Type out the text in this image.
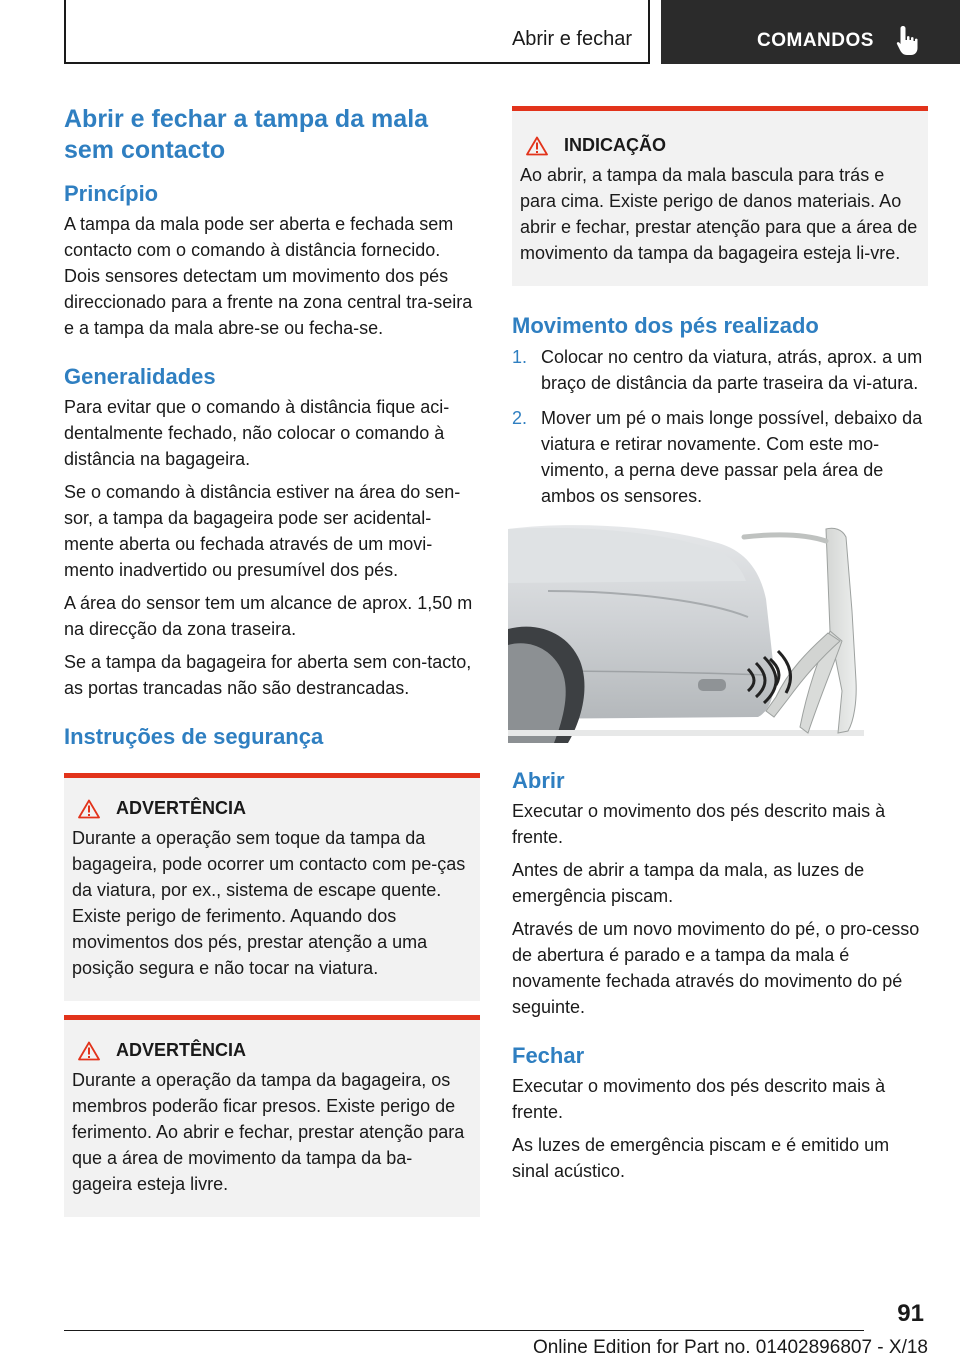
Abrir e fechar	COMANDOS
Abrir e fechar a tampa da mala sem contacto
Princípio

A tampa da mala pode ser aberta e fechada sem contacto com o comando à distância fornecido. Dois sensores detectam um movimento dos pés direccionado para a frente na zona central tra-seira e a tampa da mala abre-se ou fecha-se.

Generalidades

Para evitar que o comando à distância fique aci-dentalmente fechado, não colocar o comando à distância na bagageira.

Se o comando à distância estiver na área do sen-sor, a tampa da bagageira pode ser acidental-mente aberta ou fechada através de um movi-mento inadvertido ou presumível dos pés.

A área do sensor tem um alcance de aprox. 1,50 m na direcção da zona traseira.

Se a tampa da bagageira for aberta sem con-tacto, as portas trancadas não são destrancadas.

Instruções de segurança
ADVERTÊNCIA

Durante a operação sem toque da tampa da bagageira, pode ocorrer um contacto com pe-ças da viatura, por ex., sistema de escape quente. Existe perigo de ferimento. Aquando dos movimentos dos pés, prestar atenção a uma posição segura e não tocar na viatura.

ADVERTÊNCIA

Durante a operação da tampa da bagageira, os membros poderão ficar presos. Existe perigo de ferimento. Ao abrir e fechar, prestar atenção para que a área de movimento da tampa da ba-gageira esteja livre.

INDICAÇÃO

Ao abrir, a tampa da mala bascula para trás e para cima. Existe perigo de danos materiais. Ao abrir e fechar, prestar atenção para que a área de movimento da tampa da bagageira esteja li-vre.

Movimento dos pés realizado
1. Colocar no centro da viatura, atrás, aprox. a um braço de distância da parte traseira da vi-atura.
2. Mover um pé o mais longe possível, debaixo da viatura e retirar novamente. Com este mo-vimento, a perna deve passar pela área de ambos os sensores.
Abrir

Executar o movimento dos pés descrito mais à frente.

Antes de abrir a tampa da mala, as luzes de emergência piscam.

Através de um novo movimento do pé, o pro-cesso de abertura é parado e a tampa da mala é novamente fechada através do movimento do pé seguinte.

Fechar

Executar o movimento dos pés descrito mais à frente.

As luzes de emergência piscam e é emitido um sinal acústico.

91
Online Edition for Part no. 01402896807 - X/18
